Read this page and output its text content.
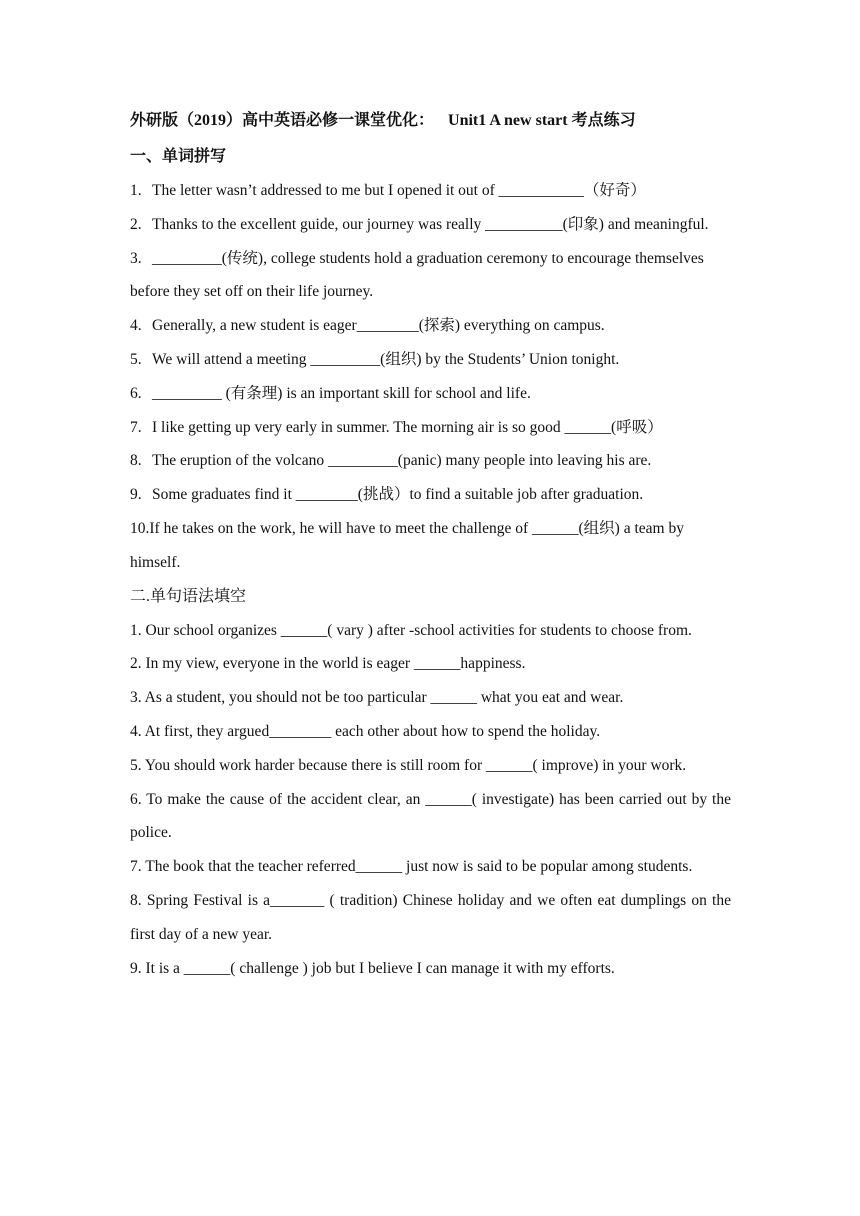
外研版（2019）高中英语必修一课堂优化： Unit1 A new start 考点练习
一、单词拼写
1. The letter wasn’t addressed to me but I opened it out of ___________（好奇）
2. Thanks to the excellent guide, our journey was really __________(印象) and meaningful.
3. _________(传统), college students hold a graduation ceremony to encourage themselves before they set off on their life journey.
4. Generally, a new student is eager________(探索) everything on campus.
5. We will attend a meeting _________(组织) by the Students’ Union tonight.
6. _________ (有条理) is an important skill for school and life.
7. I like getting up very early in summer. The morning air is so good ______(呼吸）
8. The eruption of the volcano _________(panic) many people into leaving his are.
9. Some graduates find it ________(挑战）to find a suitable job after graduation.
10.If he takes on the work, he will have to meet the challenge of ______(组织) a team by himself.
二.单句语法填空
1. Our school organizes ______( vary ) after -school activities for students to choose from.
2. In my view, everyone in the world is eager ______happiness.
3. As a student, you should not be too particular ______ what you eat and wear.
4. At first, they argued________ each other about how to spend the holiday.
5. You should work harder because there is still room for ______( improve) in your work.
6. To make the cause of the accident clear, an ______( investigate) has been carried out by the police.
7. The book that the teacher referred______ just now is said to be popular among students.
8. Spring Festival is a_______ ( tradition) Chinese holiday and we often eat dumplings on the first day of a new year.
9. It is a ______( challenge ) job but I believe I can manage it with my efforts.
